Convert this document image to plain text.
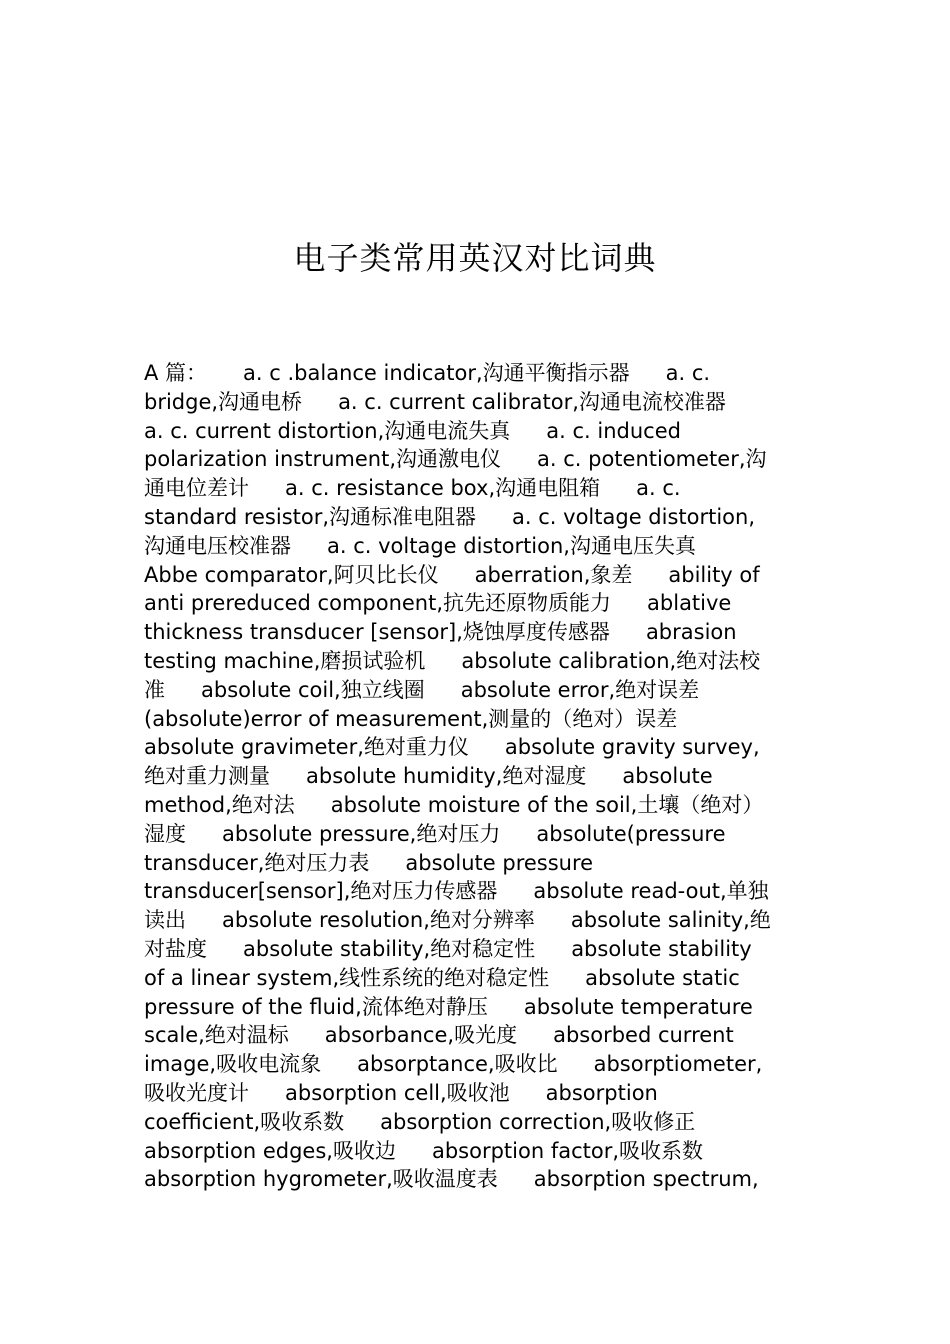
电子类常用英汉对比词典
A 篇： a. c .balance indicator,沟通平衡指示器 a. c.
bridge,沟通电桥 a. c. current calibrator,沟通电流校准器
a. c. current distortion,沟通电流失真 a. c. induced
polarization instrument,沟通激电仪 a. c. potentiometer,沟
通电位差计 a. c. resistance box,沟通电阻箱 a. c.
standard resistor,沟通标准电阻器 a. c. voltage distortion,
沟通电压校准器 a. c. voltage distortion,沟通电压失真
Abbe comparator,阿贝比长仪 aberration,象差 ability of
anti prereduced component,抗先还原物质能力 ablative
thickness transducer [sensor],烧蚀厚度传感器 abrasion
testing machine,磨损试验机 absolute calibration,绝对法校
准 absolute coil,独立线圈 absolute error,绝对误差
(absolute)error of measurement,测量的（绝对）误差
absolute gravimeter,绝对重力仪 absolute gravity survey,
绝对重力测量 absolute humidity,绝对湿度 absolute
method,绝对法 absolute moisture of the soil,土壤（绝对）
湿度 absolute pressure,绝对压力 absolute(pressure
transducer,绝对压力表 absolute pressure
transducer[sensor],绝对压力传感器 absolute read-out,单独
读出 absolute resolution,绝对分辨率 absolute salinity,绝
对盐度 absolute stability,绝对稳定性 absolute stability
of a linear system,线性系统的绝对稳定性 absolute static
pressure of the fluid,流体绝对静压 absolute temperature
scale,绝对温标 absorbance,吸光度 absorbed current
image,吸收电流象 absorptance,吸收比 absorptiometer,
吸收光度计 absorption cell,吸收池 absorption
coefficient,吸收系数 absorption correction,吸收修正
absorption edges,吸收边 absorption factor,吸收系数
absorption hygrometer,吸收温度表 absorption spectrum,
